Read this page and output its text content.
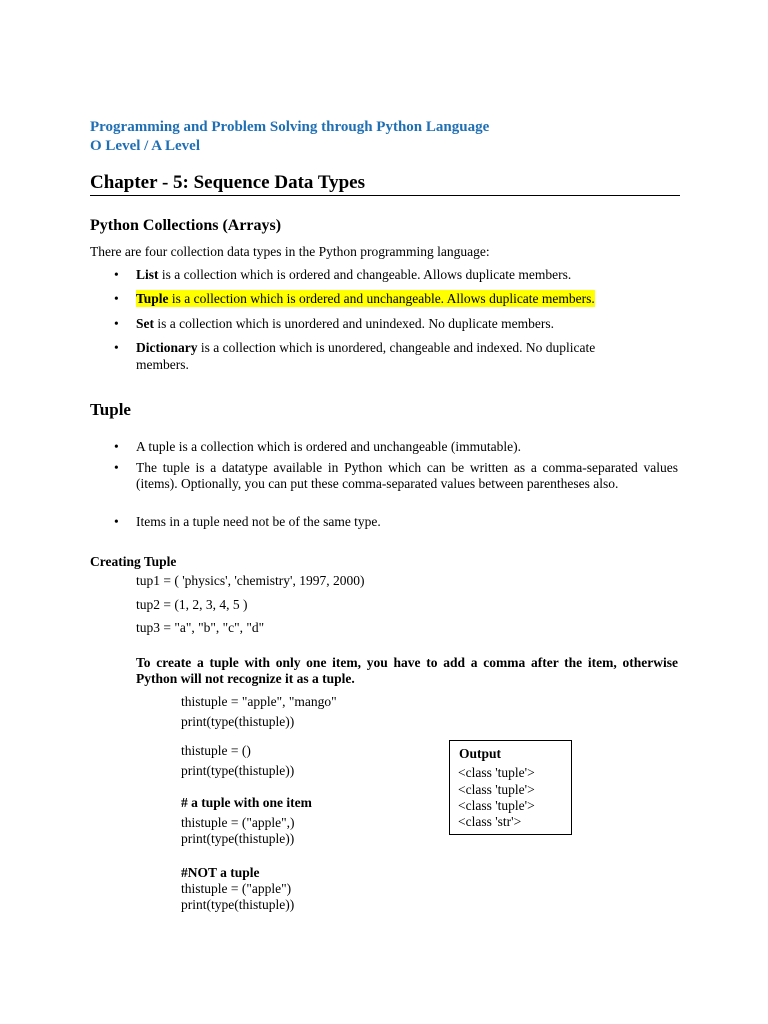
Programming and Problem Solving through Python Language
O Level / A Level
Chapter - 5: Sequence Data Types
Python Collections (Arrays)
There are four collection data types in the Python programming language:
• List is a collection which is ordered and changeable. Allows duplicate members.
• Tuple is a collection which is ordered and unchangeable. Allows duplicate members.
• Set is a collection which is unordered and unindexed. No duplicate members.
• Dictionary is a collection which is unordered, changeable and indexed. No duplicate
members.
Tuple
• A tuple is a collection which is ordered and unchangeable (immutable).
• The tuple is a datatype available in Python which can be written as a comma-separated values (items). Optionally, you can put these comma-separated values between parentheses also.
• Items in a tuple need not be of the same type.
Creating Tuple
tup1 = ( 'physics', 'chemistry', 1997, 2000)
tup2 = (1, 2, 3, 4, 5 )
tup3 = "a", "b", "c", "d"
To create a tuple with only one item, you have to add a comma after the item, otherwise Python will not recognize it as a tuple.
thistuple = "apple", "mango"
print(type(thistuple))
thistuple = ()
print(type(thistuple))
# a tuple with one item
thistuple = ("apple",)
print(type(thistuple))
#NOT a tuple
thistuple = ("apple")
print(type(thistuple))
Output
<class 'tuple'>
<class 'tuple'>
<class 'tuple'>
<class 'str'>
